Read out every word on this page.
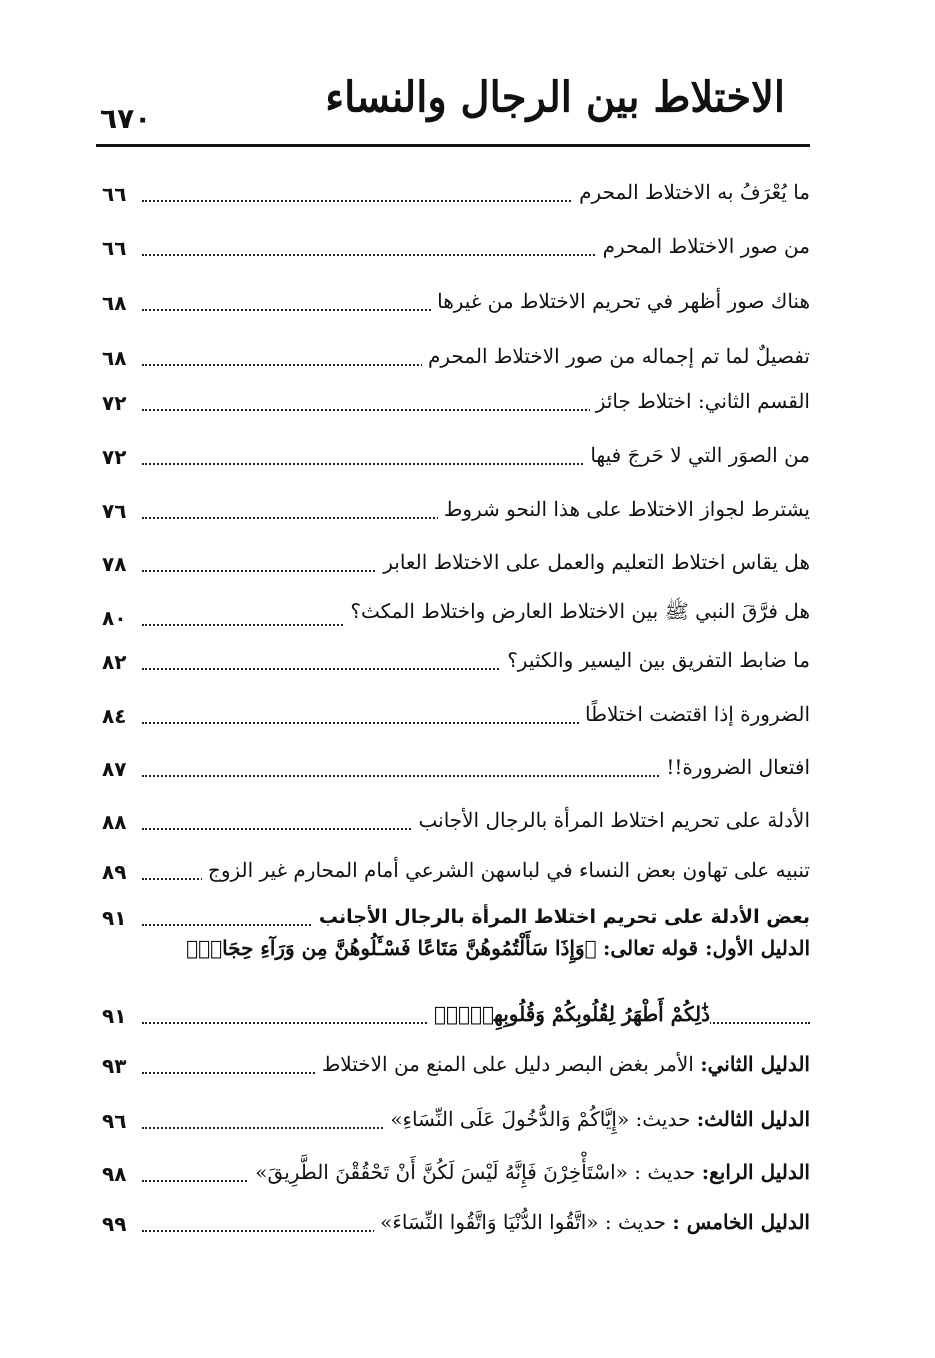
الاختلاط بين الرجال والنساء
٦٧٠
ما يُعْرَفُ به الاختلاط المحرم
٦٦
من صور الاختلاط المحرم
٦٦
هناك صور أظهر في تحريم الاختلاط من غيرها
٦٨
تفصيلٌ لما تم إجماله من صور الاختلاط المحرم
٦٨
القسم الثاني: اختلاط جائز
٧٢
من الصوَر التي لا حَرجَ فيها
٧٢
يشترط لجواز الاختلاط على هذا النحو شروط
٧٦
هل يقاس اختلاط التعليم والعمل على الاختلاط العابر
٧٨
هل فرَّقَ النبي ﷺ بين الاختلاط العارض واختلاط المكث؟
٨٠
ما ضابط التفريق بين اليسير والكثير؟
٨٢
الضرورة إذا اقتضت اختلاطًا
٨٤
افتعال الضرورة!!
٨٧
الأدلة على تحريم اختلاط المرأة بالرجال الأجانب
٨٨
تنبيه على تهاون بعض النساء في لباسهن الشرعي أمام المحارم غير الزوج
٨٩
بعض الأدلة على تحريم اختلاط المرأة بالرجال الأجانب
٩١
الدليل الأول: قوله تعالى: ﴿وَإِذَا سَأَلْتُمُوهُنَّ مَتَاعًا فَسْـَٔلُوهُنَّ مِن وَرَآءِ حِجَابٍۚ
ذَٰلِكُمْ أَطْهَرُ لِقُلُوبِكُمْ وَقُلُوبِهِنَّۚ﴾
٩١
الدليل الثاني: الأمر بغض البصر دليل على المنع من الاختلاط
٩٣
الدليل الثالث: حديث: «إِيَّاكُمْ وَالدُّخُولَ عَلَى النِّسَاءِ»
٩٦
الدليل الرابع: حديث : «اسْتَأْخِرْنَ فَإِنَّهُ لَيْسَ لَكُنَّ أَنْ تَحْقُقْنَ الطَّرِيقَ»
٩٨
الدليل الخامس : حديث : «اتَّقُوا الدُّنْيَا وَاتَّقُوا النِّسَاءَ»
٩٩
